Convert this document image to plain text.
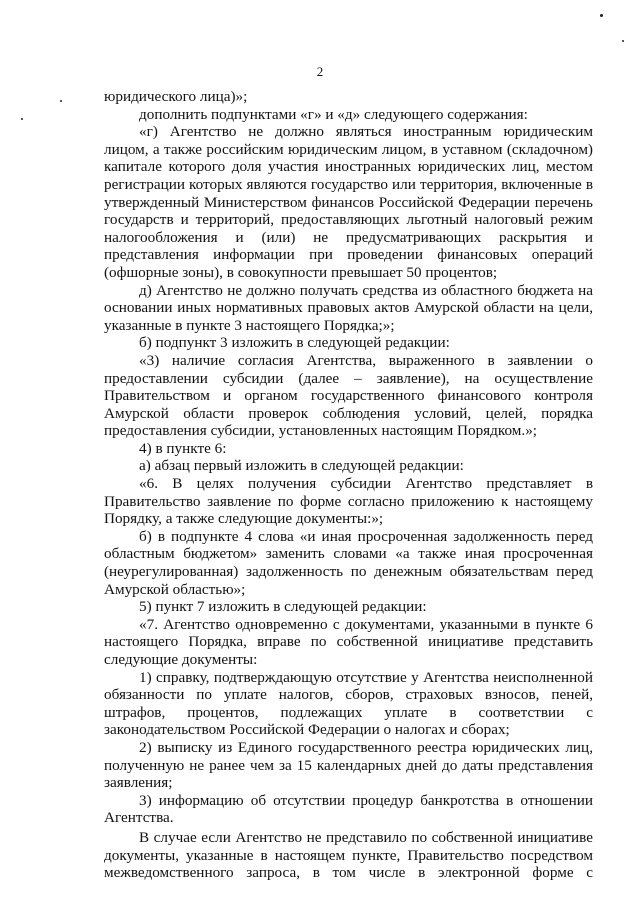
2

юридического лица)»;

дополнить подпунктами «г» и «д» следующего содержания:

«г) Агентство не должно являться иностранным юридическим лицом, а также российским юридическим лицом, в уставном (складочном) капитале которого доля участия иностранных юридических лиц, местом регистрации которых являются государство или территория, включенные в утвержденный Министерством финансов Российской Федерации перечень государств и территорий, предоставляющих льготный налоговый режим налогообложения и (или) не предусматривающих раскрытия и представления информации при проведении финансовых операций (офшорные зоны), в совокупности превышает 50 процентов;

д) Агентство не должно получать средства из областного бюджета на основании иных нормативных правовых актов Амурской области на цели, указанные в пункте 3 настоящего Порядка;»;

б) подпункт 3 изложить в следующей редакции:

«3) наличие согласия Агентства, выраженного в заявлении о предоставлении субсидии (далее – заявление), на осуществление Правительством и органом государственного финансового контроля Амурской области проверок соблюдения условий, целей, порядка предоставления субсидии, установленных настоящим Порядком.»;

4) в пункте 6:

а) абзац первый изложить в следующей редакции:

«6. В целях получения субсидии Агентство представляет в Правительство заявление по форме согласно приложению к настоящему Порядку, а также следующие документы:»;

б) в подпункте 4 слова «и иная просроченная задолженность перед областным бюджетом» заменить словами «а также иная просроченная (неурегулированная) задолженность по денежным обязательствам перед Амурской областью»;

5) пункт 7 изложить в следующей редакции:

«7. Агентство одновременно с документами, указанными в пункте 6 настоящего Порядка, вправе по собственной инициативе представить следующие документы:

1) справку, подтверждающую отсутствие у Агентства неисполненной обязанности по уплате налогов, сборов, страховых взносов, пеней, штрафов, процентов, подлежащих уплате в соответствии с законодательством Российской Федерации о налогах и сборах;

2) выписку из Единого государственного реестра юридических лиц, полученную не ранее чем за 15 календарных дней до даты представления заявления;

3) информацию об отсутствии процедур банкротства в отношении Агентства.

В случае если Агентство не представило по собственной инициативе документы, указанные в настоящем пункте, Правительство посредством межведомственного запроса, в том числе в электронной форме с
